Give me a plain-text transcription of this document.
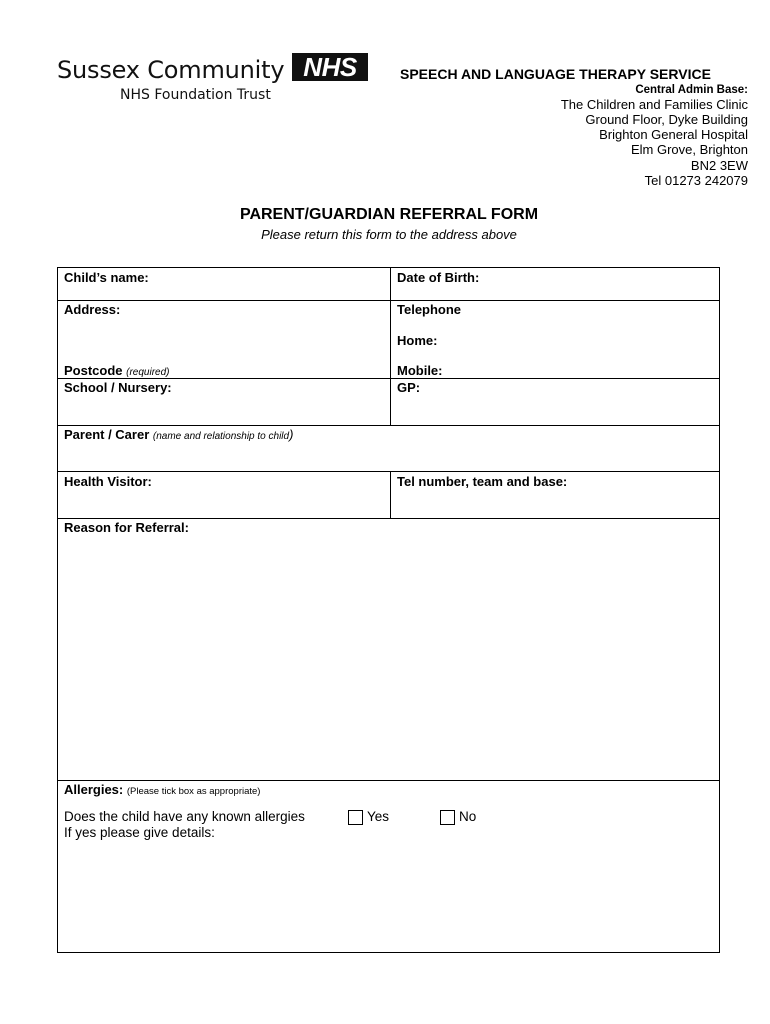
Sussex Community NHS
NHS Foundation Trust
SPEECH AND LANGUAGE THERAPY SERVICE
Central Admin Base:
The Children and Families Clinic
Ground Floor, Dyke Building
Brighton General Hospital
Elm Grove, Brighton
BN2 3EW
Tel 01273 242079
PARENT/GUARDIAN REFERRAL FORM
Please return this form to the address above
Child’s name:	Date of Birth:
Address:	Telephone
Home:
Postcode (required)	Mobile:
School / Nursery:	GP:
Parent / Carer (name and relationship to child)
Health Visitor:	Tel number, team and base:
Reason for Referral:
Allergies: (Please tick box as appropriate)
Does the child have any known allergies	Yes	No
If yes please give details:
